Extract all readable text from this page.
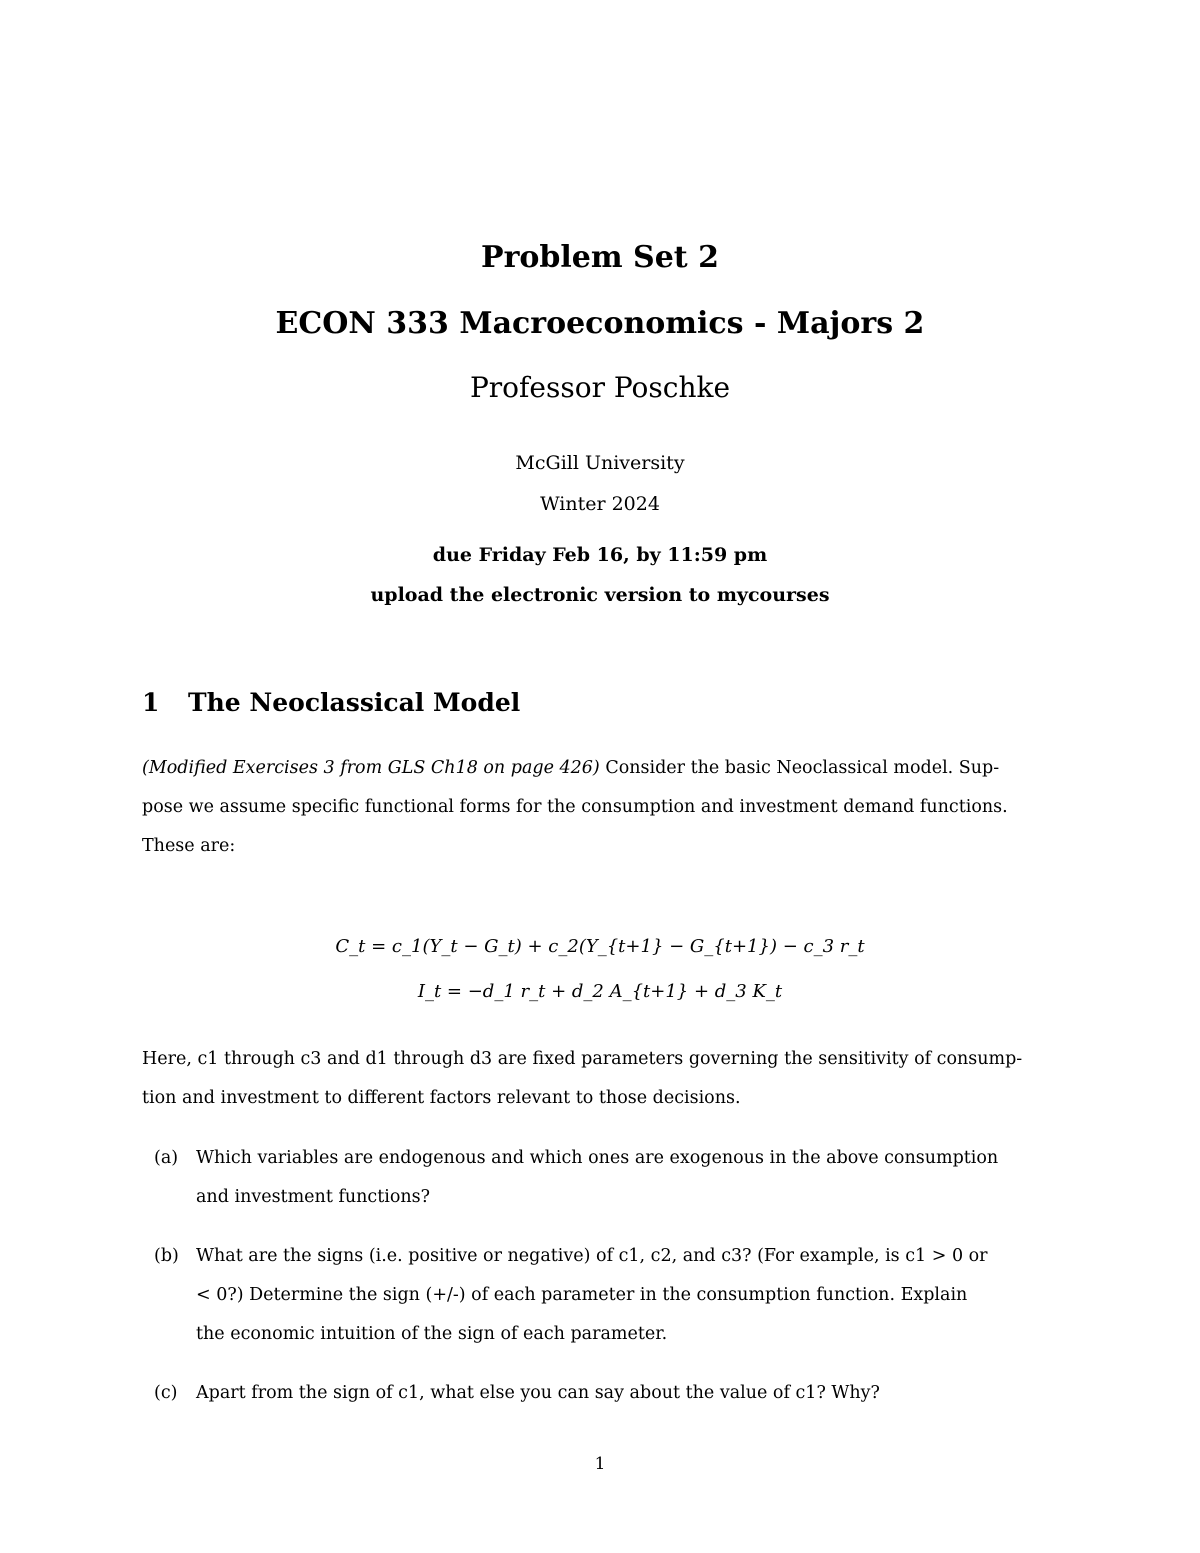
Problem Set 2
ECON 333 Macroeconomics - Majors 2
Professor Poschke
McGill University
Winter 2024
due Friday Feb 16, by 11:59 pm
upload the electronic version to mycourses
1 The Neoclassical Model
(Modified Exercises 3 from GLS Ch18 on page 426) Consider the basic Neoclassical model. Sup-
pose we assume specific functional forms for the consumption and investment demand functions.
These are:
C_t = c_1(Y_t − G_t) + c_2(Y_{t+1} − G_{t+1}) − c_3 r_t
I_t = −d_1 r_t + d_2 A_{t+1} + d_3 K_t
Here, c1 through c3 and d1 through d3 are fixed parameters governing the sensitivity of consump-
tion and investment to different factors relevant to those decisions.
(a) Which variables are endogenous and which ones are exogenous in the above consumption
and investment functions?
(b) What are the signs (i.e. positive or negative) of c1, c2, and c3? (For example, is c1 > 0 or
< 0?) Determine the sign (+/-) of each parameter in the consumption function. Explain
the economic intuition of the sign of each parameter.
(c) Apart from the sign of c1, what else you can say about the value of c1? Why?
1
